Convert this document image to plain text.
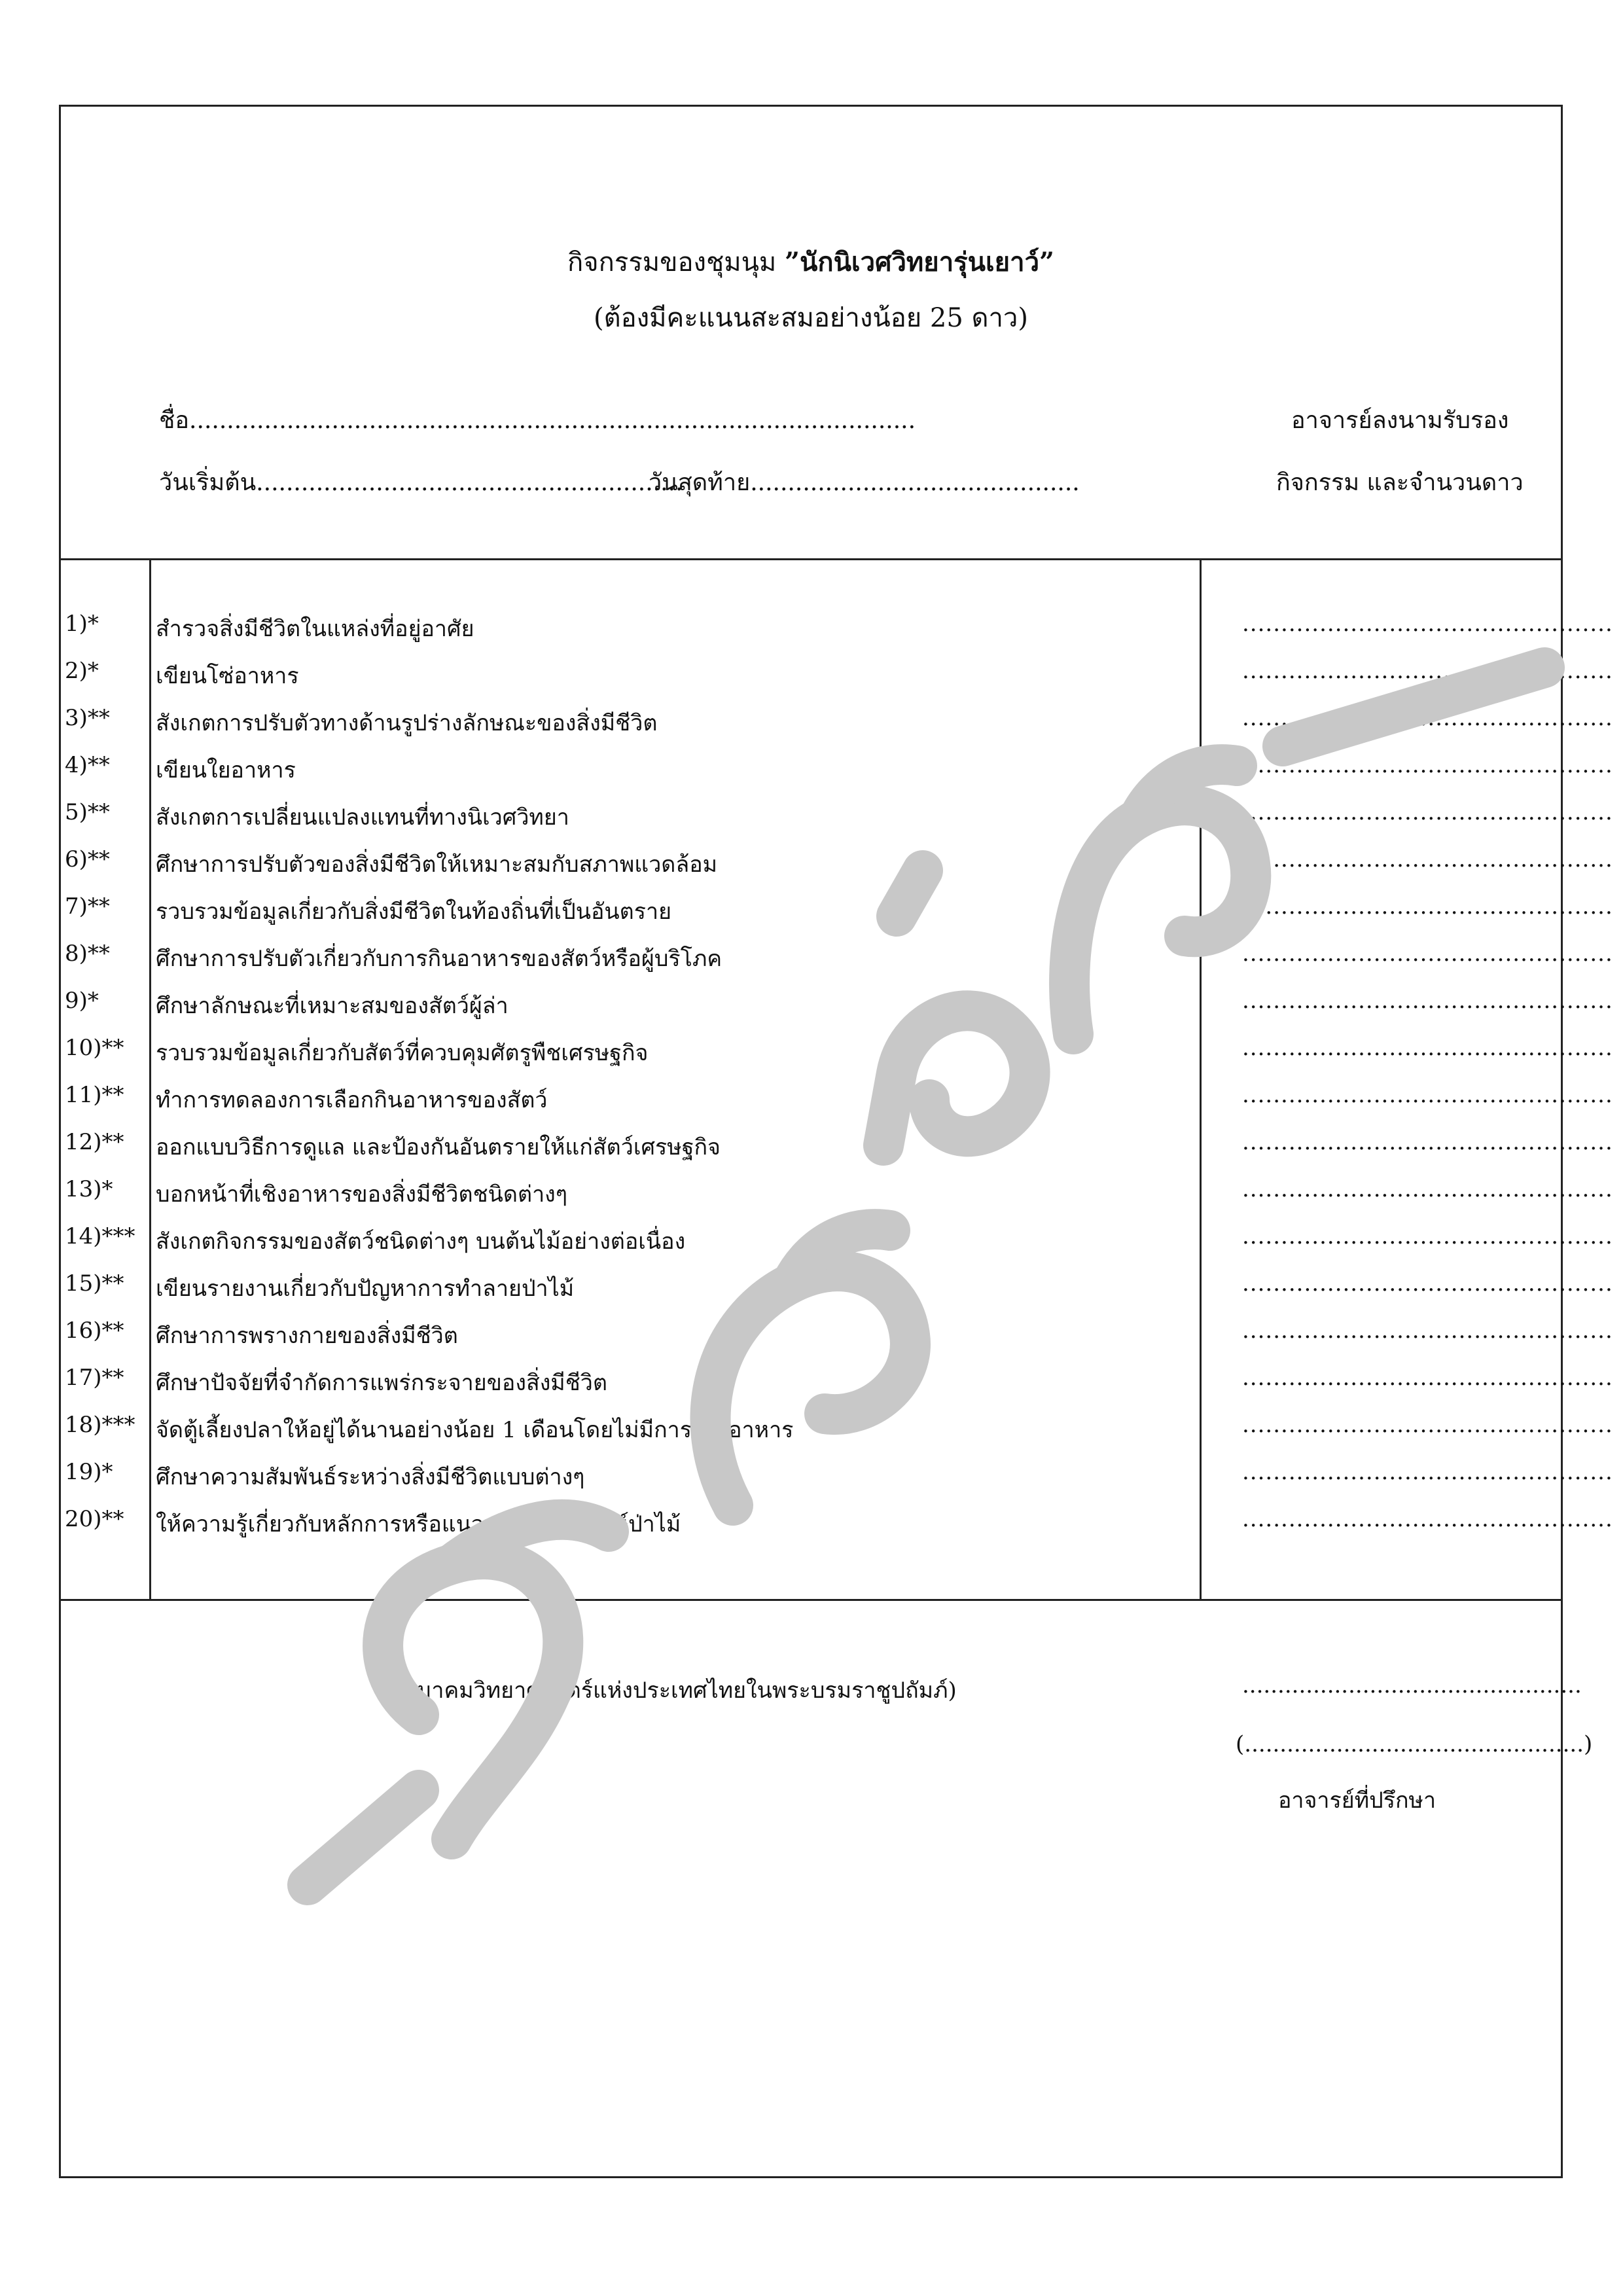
กิจกรรมของชุมนุม ”นักนิเวศวิทยารุ่นเยาว์”
(ต้องมีคะแนนสะสมอย่างน้อย 25 ดาว)
ชื่อ.................................................................................................
วันเริ่มต้น.........................................................
วันสุดท้าย............................................
อาจารย์ลงนามรับรอง
กิจกรรม และจำนวนดาว
1)*	สำรวจสิ่งมีชีวิตในแหล่งที่อยู่อาศัย	................................................
2)*	เขียนโซ่อาหาร	................................................
3)** สังเกตการปรับตัวทางด้านรูปร่างลักษณะของสิ่งมีชีวิต	................................................
4)** เขียนใยอาหาร	................................................
5)** สังเกตการเปลี่ยนแปลงแทนที่ทางนิเวศวิทยา	................................................
6)** ศึกษาการปรับตัวของสิ่งมีชีวิตให้เหมาะสมกับสภาพแวดล้อม	................................................
7)** รวบรวมข้อมูลเกี่ยวกับสิ่งมีชีวิตในท้องถิ่นที่เป็นอันตราย	................................................
8)** ศึกษาการปรับตัวเกี่ยวกับการกินอาหารของสัตว์หรือผู้บริโภค	................................................
9)*	ศึกษาลักษณะที่เหมาะสมของสัตว์ผู้ล่า	................................................
10)** รวบรวมข้อมูลเกี่ยวกับสัตว์ที่ควบคุมศัตรูพืชเศรษฐกิจ	................................................
11)** ทำการทดลองการเลือกกินอาหารของสัตว์	................................................
12)** ออกแบบวิธีการดูแล และป้องกันอันตรายให้แก่สัตว์เศรษฐกิจ	................................................
13)* บอกหน้าที่เชิงอาหารของสิ่งมีชีวิตชนิดต่างๆ	................................................
14)*** สังเกตกิจกรรมของสัตว์ชนิดต่างๆ บนต้นไม้อย่างต่อเนื่อง	................................................
15)** เขียนรายงานเกี่ยวกับปัญหาการทำลายป่าไม้	................................................
16)** ศึกษาการพรางกายของสิ่งมีชีวิต	................................................
17)** ศึกษาปัจจัยที่จำกัดการแพร่กระจายของสิ่งมีชีวิต	................................................
18)*** จัดตู้เลี้ยงปลาให้อยู่ได้นานอย่างน้อย 1 เดือนโดยไม่มีการเติมอาหาร	................................................
19)* ศึกษาความสัมพันธ์ระหว่างสิ่งมีชีวิตแบบต่างๆ	................................................
20)** ให้ความรู้เกี่ยวกับหลักการหรือแนวทางการอนุรักษ์ป่าไม้	................................................
(สมาคมวิทยาศาสตร์แห่งประเทศไทยในพระบรมราชูปถัมภ์)	................................................
(................................................)
อาจารย์ที่ปรึกษา
